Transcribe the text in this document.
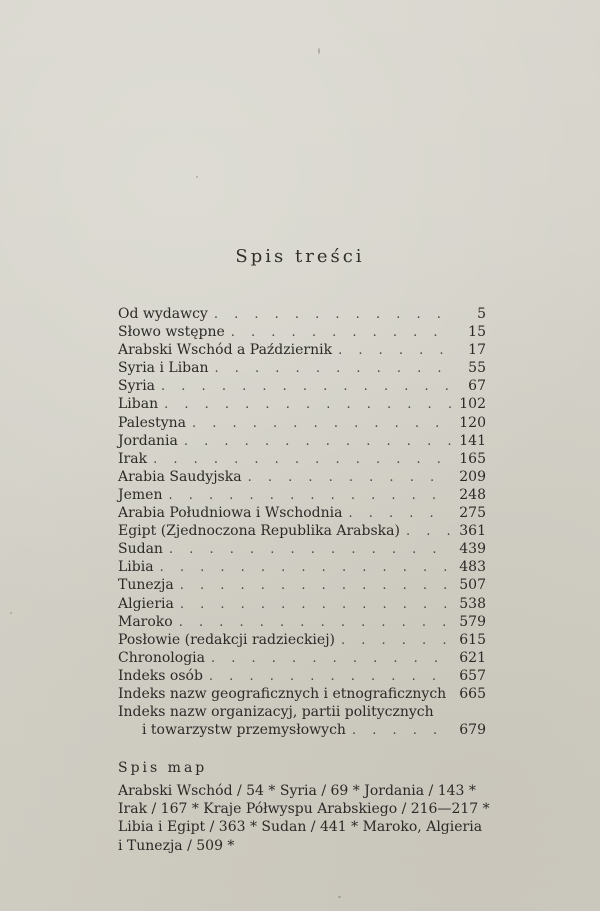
Spis treści
Od wydawcy . . .	5
Słowo wstępne . . .	15
Arabski Wschód a Październik . . .	17
Syria i Liban . . .	55
Syria . . .	67
Liban . . .	102
Palestyna . . .	120
Jordania . . .	141
Irak . . .	165
Arabia Saudyjska . . .	209
Jemen . . .	248
Arabia Południowa i Wschodnia . . .	275
Egipt (Zjednoczona Republika Arabska) . . .	361
Sudan . . .	439
Libia . . .	483
Tunezja . . .	507
Algieria . . .	538
Maroko . . .	579
Posłowie (redakcji radzieckiej) . . .	615
Chronologia . . .	621
Indeks osób . . .	657
Indeks nazw geograficznych i etnograficznych 665
Indeks nazw organizacyj, partii politycznych
i towarzystw przemysłowych . . .	679
Spis map
Arabski Wschód / 54 * Syria / 69 * Jordania / 143 *
Irak / 167 * Kraje Półwyspu Arabskiego / 216—217 *
Libia i Egipt / 363 * Sudan / 441 * Maroko, Algieria
i Tunezja / 509 *
